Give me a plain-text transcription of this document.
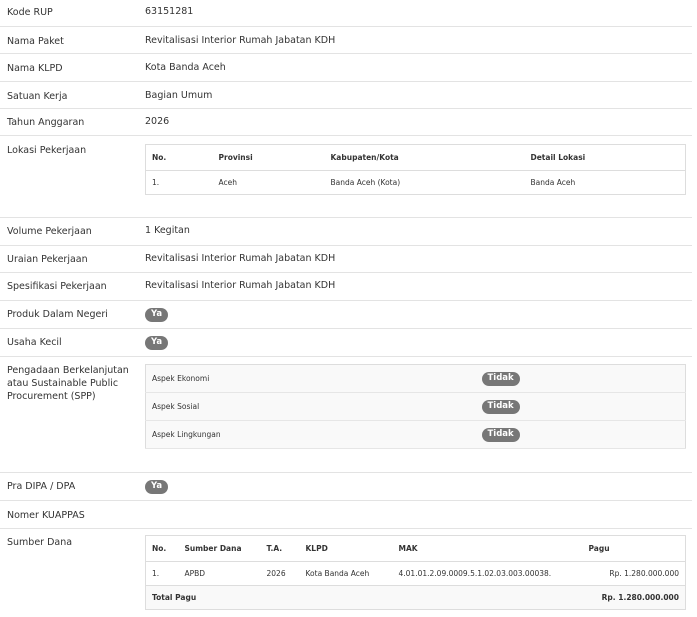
Kode RUP	63151281
Nama Paket	Revitalisasi Interior Rumah Jabatan KDH
Nama KLPD	Kota Banda Aceh
Satuan Kerja	Bagian Umum
Tahun Anggaran	2026
Lokasi Pekerjaan
No.	Provinsi	Kabupaten/Kota	Detail Lokasi
1.	Aceh	Banda Aceh (Kota)	Banda Aceh
Volume Pekerjaan	1 Kegitan
Uraian Pekerjaan	Revitalisasi Interior Rumah Jabatan KDH
Spesifikasi Pekerjaan	Revitalisasi Interior Rumah Jabatan KDH
Produk Dalam Negeri	Ya
Usaha Kecil	Ya
Pengadaan Berkelanjutan
atau Sustainable Public
Procurement (SPP)
Aspek Ekonomi	Tidak
Aspek Sosial	Tidak
Aspek Lingkungan	Tidak
Pra DIPA / DPA	Ya
Nomer KUAPPAS
Sumber Dana
No.	Sumber Dana	T.A.	KLPD	MAK	Pagu
1.	APBD	2026	Kota Banda Aceh	4.01.01.2.09.0009.5.1.02.03.003.00038.	Rp. 1.280.000.000
Total Pagu					Rp. 1.280.000.000
